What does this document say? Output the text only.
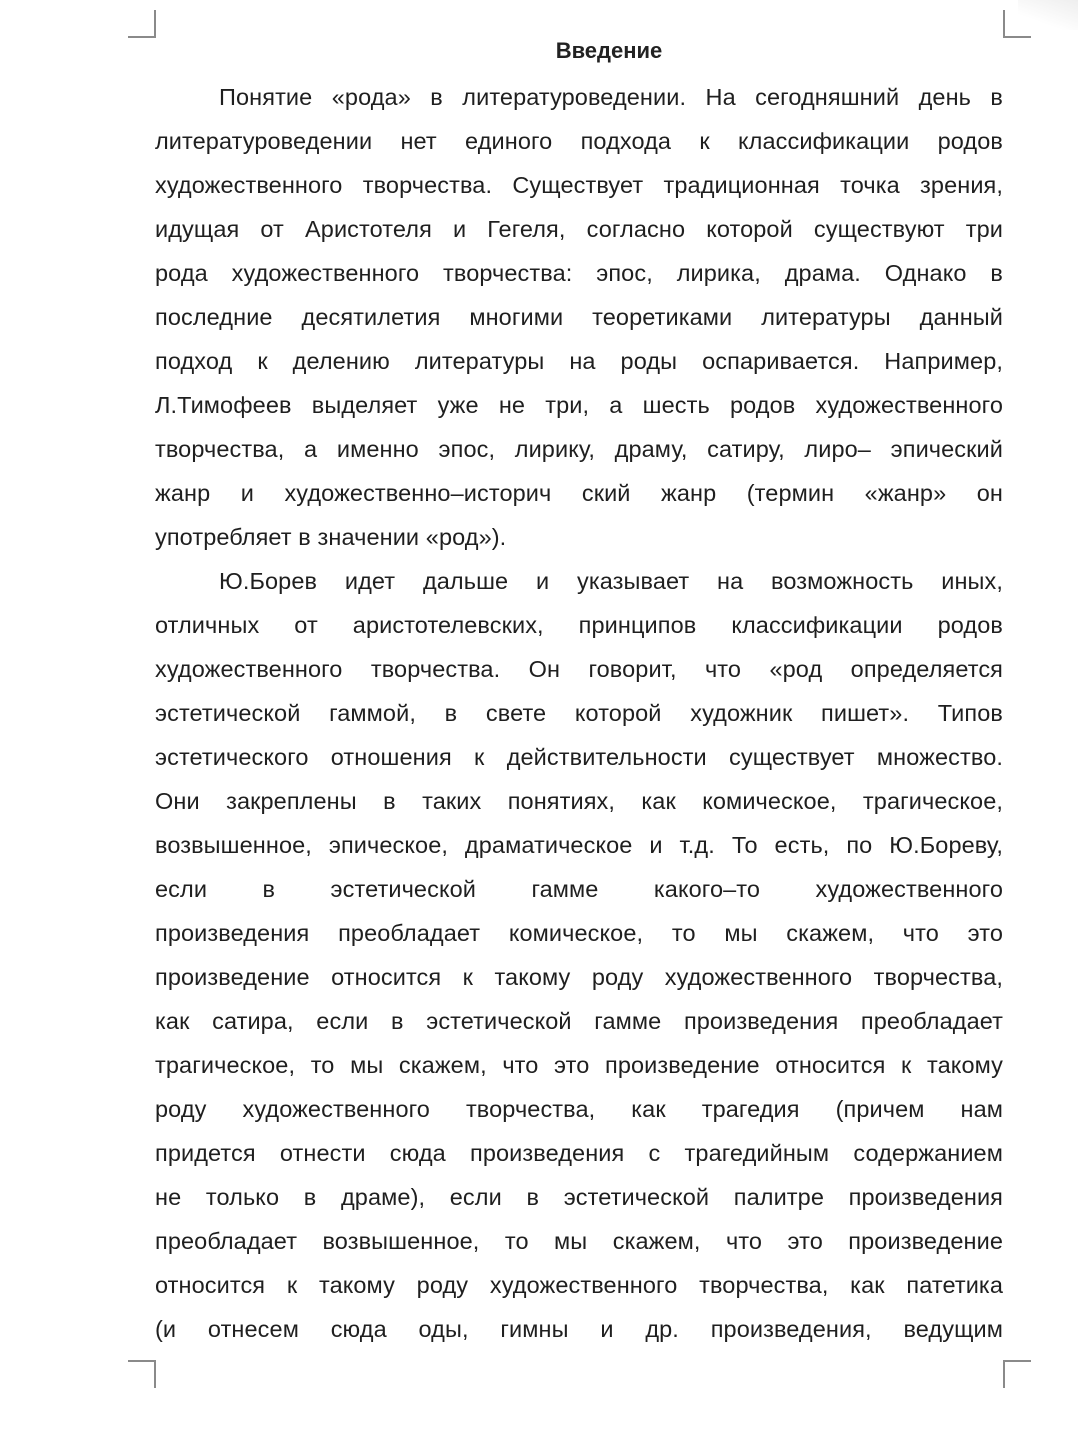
Введение
Понятие «рода» в литературоведении. На сегодняшний день в
литературоведении нет единого подхода к классификации родов
художественного творчества. Существует традиционная точка зрения,
идущая от Аристотеля и Гегеля, согласно которой существуют три
рода художественного творчества: эпос, лирика, драма. Однако в
последние десятилетия многими теоретиками литературы данный
подход к делению литературы на роды оспаривается. Например,
Л.Тимофеев выделяет уже не три, а шесть родов художественного
творчества, а именно эпос, лирику, драму, сатиру, лиро– эпический
жанр и художественно–историч ский жанр (термин «жанр» он
употребляет в значении «род»).
Ю.Борев идет дальше и указывает на возможность иных,
отличных от аристотелевских, принципов классификации родов
художественного творчества. Он говорит, что «род определяется
эстетической гаммой, в свете которой художник пишет». Типов
эстетического отношения к действительности существует множество.
Они закреплены в таких понятиях, как комическое, трагическое,
возвышенное, эпическое, драматическое и т.д. То есть, по Ю.Бореву,
если в эстетической гамме какого–то художественного
произведения преобладает комическое, то мы скажем, что это
произведение относится к такому роду художественного творчества,
как сатира, если в эстетической гамме произведения преобладает
трагическое, то мы скажем, что это произведение относится к такому
роду художественного творчества, как трагедия (причем нам
придется отнести сюда произведения с трагедийным содержанием
не только в драме), если в эстетической палитре произведения
преобладает возвышенное, то мы скажем, что это произведение
относится к такому роду художественного творчества, как патетика
(и отнесем сюда оды, гимны и др. произведения, ведущим
